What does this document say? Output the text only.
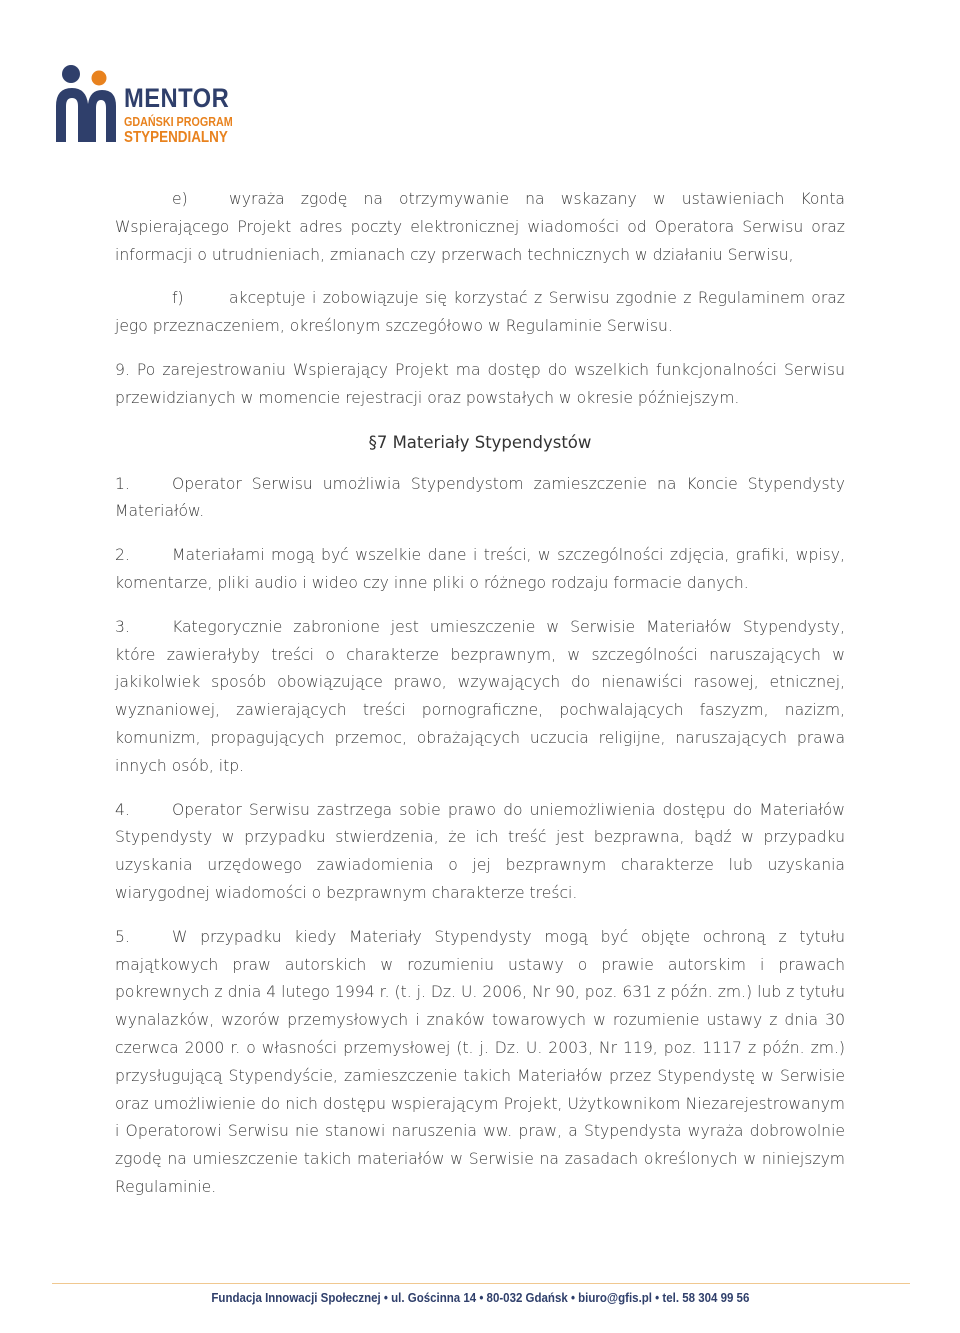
MENTOR
GDAŃSKI PROGRAM
STYPENDIALNY

e)	wyraża zgodę na otrzymywanie na wskazany w ustawieniach Konta Wspierającego Projekt adres poczty elektronicznej wiadomości od Operatora Serwisu oraz informacji o utrudnieniach, zmianach czy przerwach technicznych w działaniu Serwisu,

f)	akceptuje i zobowiązuje się korzystać z Serwisu zgodnie z Regulaminem oraz jego przeznaczeniem, określonym szczegółowo w Regulaminie Serwisu.

9. Po zarejestrowaniu Wspierający Projekt ma dostęp do wszelkich funkcjonalności Serwisu przewidzianych w momencie rejestracji oraz powstałych w okresie późniejszym.

§7 Materiały Stypendystów

1.	Operator Serwisu umożliwia Stypendystom zamieszczenie na Koncie Stypendysty Materiałów.

2.	Materiałami mogą być wszelkie dane i treści, w szczególności zdjęcia, grafiki, wpisy, komentarze, pliki audio i wideo czy inne pliki o różnego rodzaju formacie danych.

3.	Kategorycznie zabronione jest umieszczenie w Serwisie Materiałów Stypendysty, które zawierałyby treści o charakterze bezprawnym, w szczególności naruszających w jakikolwiek sposób obowiązujące prawo, wzywających do nienawiści rasowej, etnicznej, wyznaniowej, zawierających treści pornograficzne, pochwalających faszyzm, nazizm, komunizm, propagujących przemoc, obrażających uczucia religijne, naruszających prawa innych osób, itp.

4.	Operator Serwisu zastrzega sobie prawo do uniemożliwienia dostępu do Materiałów Stypendysty w przypadku stwierdzenia, że ich treść jest bezprawna, bądź w przypadku uzyskania urzędowego zawiadomienia o jej bezprawnym charakterze lub uzyskania wiarygodnej wiadomości o bezprawnym charakterze treści.

5.	W przypadku kiedy Materiały Stypendysty mogą być objęte ochroną z tytułu majątkowych praw autorskich w rozumieniu ustawy o prawie autorskim i prawach pokrewnych z dnia 4 lutego 1994 r. (t. j. Dz. U. 2006, Nr 90, poz. 631 z późn. zm.) lub z tytułu wynalazków, wzorów przemysłowych i znaków towarowych w rozumienie ustawy z dnia 30 czerwca 2000 r. o własności przemysłowej (t. j. Dz. U. 2003, Nr 119, poz. 1117 z późn. zm.) przysługującą Stypendyście, zamieszczenie takich Materiałów przez Stypendystę w Serwisie oraz umożliwienie do nich dostępu wspierającym Projekt, Użytkownikom Niezarejestrowanym i Operatorowi Serwisu nie stanowi naruszenia ww. praw, a Stypendysta wyraża dobrowolnie zgodę na umieszczenie takich materiałów w Serwisie na zasadach określonych w niniejszym Regulaminie.

Fundacja Innowacji Społecznej • ul. Gościnna 14 • 80-032 Gdańsk • biuro@gfis.pl • tel. 58 304 99 56
